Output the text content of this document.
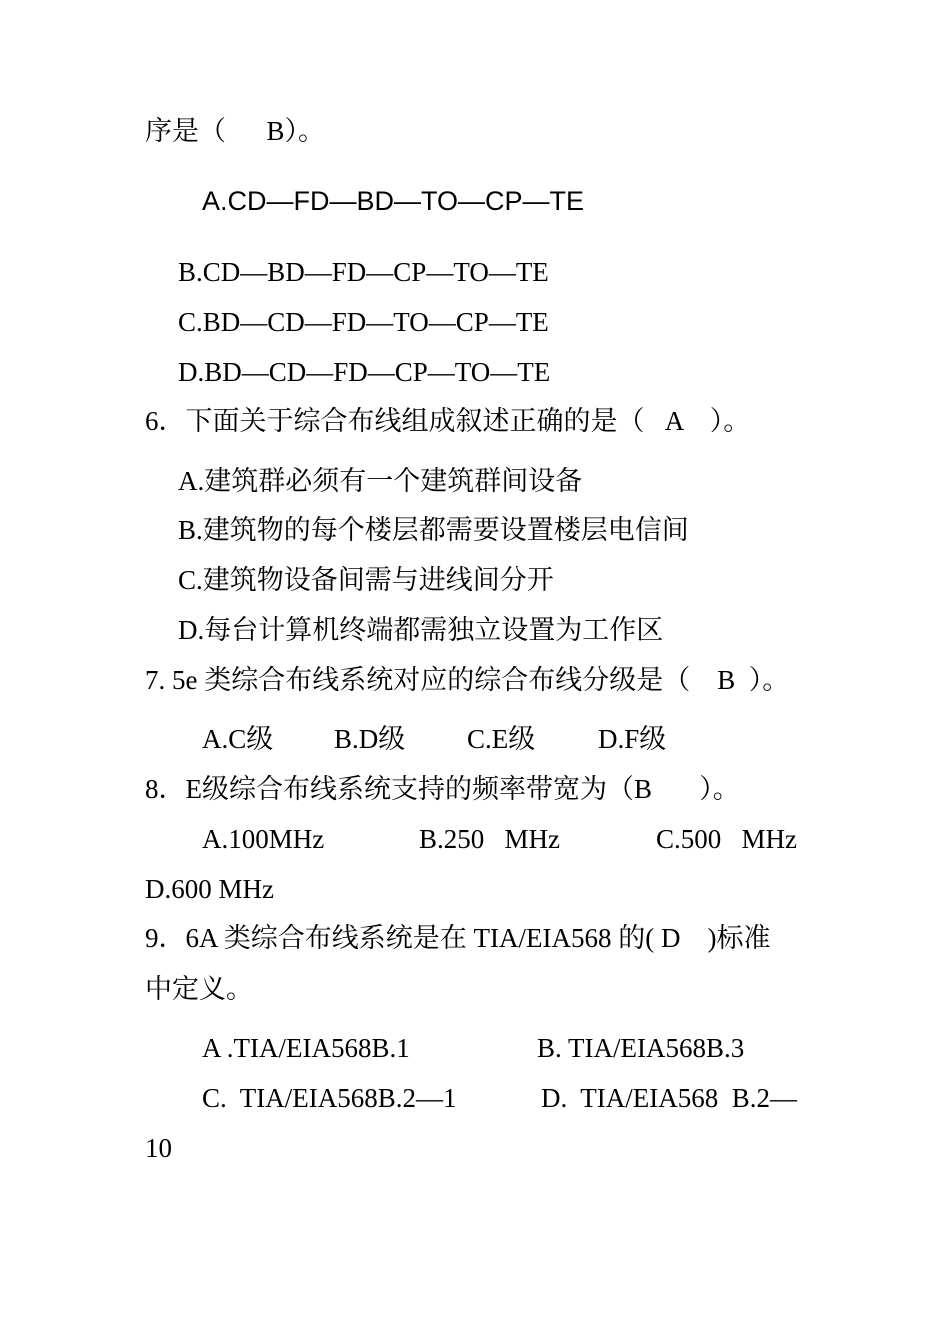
序是（      B）。
A.CD—FD—BD—TO—CP—TE
B.CD—BD—FD—CP—TO—TE
C.BD—CD—FD—TO—CP—TE
D.BD—CD—FD—CP—TO—TE
6．下面关于综合布线组成叙述正确的是（   A    ）。
A.建筑群必须有一个建筑群间设备
B.建筑物的每个楼层都需要设置楼层电信间
C.建筑物设备间需与进线间分开
D.每台计算机终端都需独立设置为工作区
7. 5e 类综合布线系统对应的综合布线分级是（    B  ）。
A.C级 B.D级 C.E级 D.F级
8．E级综合布线系统支持的频率带宽为（B       ）。
A.100MHz	B.250   MHz	C.500   MHz
D.600 MHz
9．6A 类综合布线系统是在 TIA/EIA568 的( D    )标准
中定义。
A .TIA/EIA568B.1	B. TIA/EIA568B.3
C.  TIA/EIA568B.2—1	D.  TIA/EIA568  B.2—
10
